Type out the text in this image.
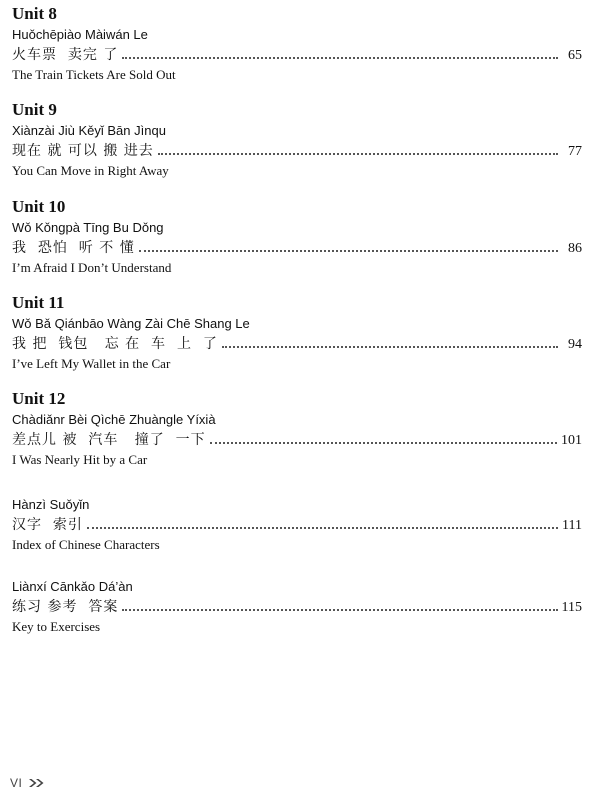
Unit 8
Huǒchēpiào Màiwán Le
火车票  卖完 了	65
The Train Tickets Are Sold Out
Unit 9
Xiànzài Jiù Kěyǐ Bān Jìnqu
现在 就 可以 搬 进去	77
You Can Move in Right Away
Unit 10
Wǒ Kǒngpà Tīng Bu Dǒng
我  恐怕  听 不 懂	86
I’m Afraid I Don’t Understand
Unit 11
Wǒ Bǎ Qiánbāo Wàng Zài Chē Shang Le
我 把  钱包   忘 在  车  上  了	94
I’ve Left My Wallet in the Car
Unit 12
Chàdiǎnr Bèi Qìchē Zhuàngle Yíxià
差点儿 被  汽车   撞了  一下	101
I Was Nearly Hit by a Car
Hànzì Suǒyǐn
汉字  索引	111
Index of Chinese Characters
Liànxí Cānkǎo Dá’àn
练习 参考  答案	115
Key to Exercises
VI
